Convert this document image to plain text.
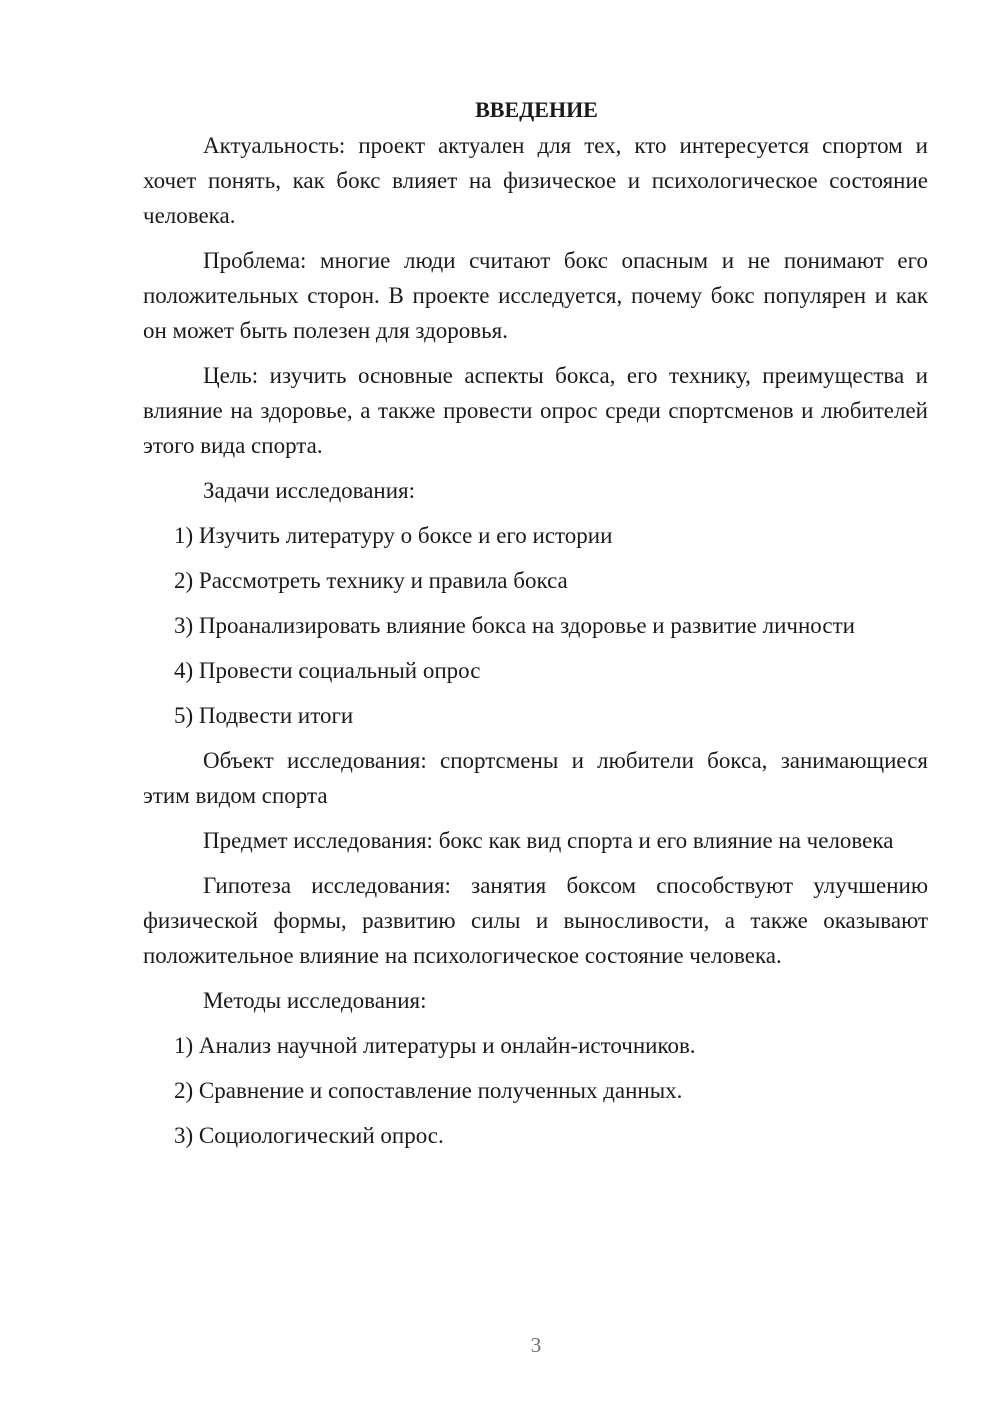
ВВЕДЕНИЕ

Актуальность: проект актуален для тех, кто интересуется спортом и хочет понять, как бокс влияет на физическое и психологическое состояние человека.

Проблема: многие люди считают бокс опасным и не понимают его положительных сторон. В проекте исследуется, почему бокс популярен и как он может быть полезен для здоровья.

Цель: изучить основные аспекты бокса, его технику, преимущества и влияние на здоровье, а также провести опрос среди спортсменов и любителей этого вида спорта.

Задачи исследования:

1) Изучить литературу о боксе и его истории

2) Рассмотреть технику и правила бокса

3) Проанализировать влияние бокса на здоровье и развитие личности

4) Провести социальный опрос

5) Подвести итоги

Объект исследования: спортсмены и любители бокса, занимающиеся этим видом спорта

Предмет исследования: бокс как вид спорта и его влияние на человека

Гипотеза исследования: занятия боксом способствуют улучшению физической формы, развитию силы и выносливости, а также оказывают положительное влияние на психологическое состояние человека.

Методы исследования:

1) Анализ научной литературы и онлайн-источников.

2) Сравнение и сопоставление полученных данных.

3) Социологический опрос.

3
